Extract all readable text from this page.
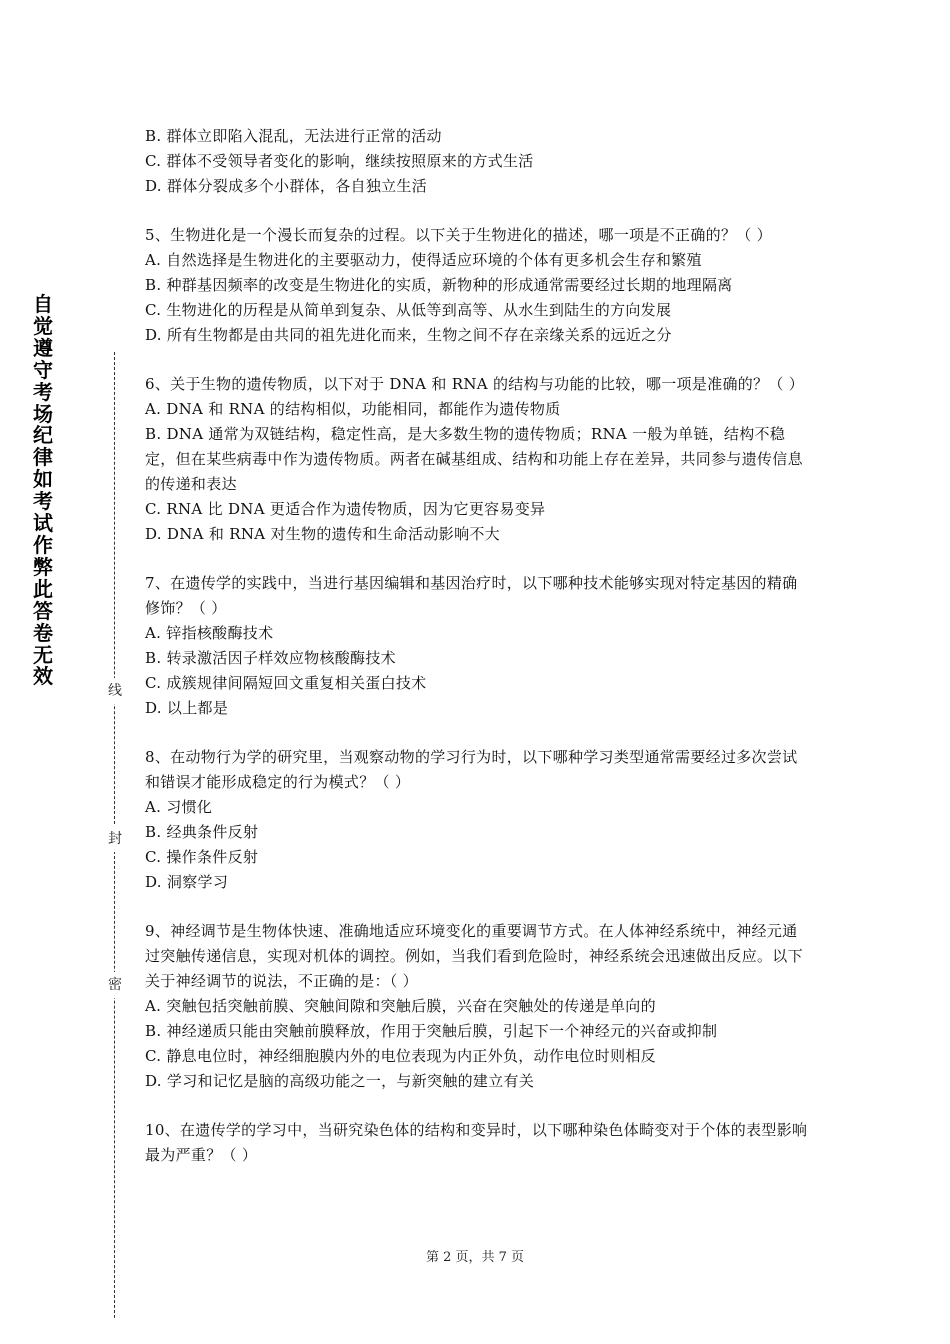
自
觉
遵
守
考
场
纪
律
如
考
试
作
弊
此
答
卷
无
效
线
封
密

B. 群体立即陷入混乱，无法进行正常的活动

C. 群体不受领导者变化的影响，继续按照原来的方式生活

D. 群体分裂成多个小群体，各自独立生活

5、生物进化是一个漫长而复杂的过程。以下关于生物进化的描述，哪一项是不正确的？（ ）

A. 自然选择是生物进化的主要驱动力，使得适应环境的个体有更多机会生存和繁殖

B. 种群基因频率的改变是生物进化的实质，新物种的形成通常需要经过长期的地理隔离

C. 生物进化的历程是从简单到复杂、从低等到高等、从水生到陆生的方向发展

D. 所有生物都是由共同的祖先进化而来，生物之间不存在亲缘关系的远近之分

6、关于生物的遗传物质，以下对于 DNA 和 RNA 的结构与功能的比较，哪一项是准确的？（ ）

A. DNA 和 RNA 的结构相似，功能相同，都能作为遗传物质

B. DNA 通常为双链结构，稳定性高，是大多数生物的遗传物质；RNA 一般为单链，结构不稳定，但在某些病毒中作为遗传物质。两者在碱基组成、结构和功能上存在差异，共同参与遗传信息的传递和表达

C. RNA 比 DNA 更适合作为遗传物质，因为它更容易变异

D. DNA 和 RNA 对生物的遗传和生命活动影响不大

7、在遗传学的实践中，当进行基因编辑和基因治疗时，以下哪种技术能够实现对特定基因的精确修饰？（ ）

A. 锌指核酸酶技术

B. 转录激活因子样效应物核酸酶技术

C. 成簇规律间隔短回文重复相关蛋白技术

D. 以上都是

8、在动物行为学的研究里，当观察动物的学习行为时，以下哪种学习类型通常需要经过多次尝试和错误才能形成稳定的行为模式？（ ）

A. 习惯化

B. 经典条件反射

C. 操作条件反射

D. 洞察学习

9、神经调节是生物体快速、准确地适应环境变化的重要调节方式。在人体神经系统中，神经元通过突触传递信息，实现对机体的调控。例如，当我们看到危险时，神经系统会迅速做出反应。以下关于神经调节的说法，不正确的是：（ ）

A. 突触包括突触前膜、突触间隙和突触后膜，兴奋在突触处的传递是单向的

B. 神经递质只能由突触前膜释放，作用于突触后膜，引起下一个神经元的兴奋或抑制

C. 静息电位时，神经细胞膜内外的电位表现为内正外负，动作电位时则相反

D. 学习和记忆是脑的高级功能之一，与新突触的建立有关

10、在遗传学的学习中，当研究染色体的结构和变异时，以下哪种染色体畸变对于个体的表型影响最为严重？（ ）

第 2 页，共 7 页
